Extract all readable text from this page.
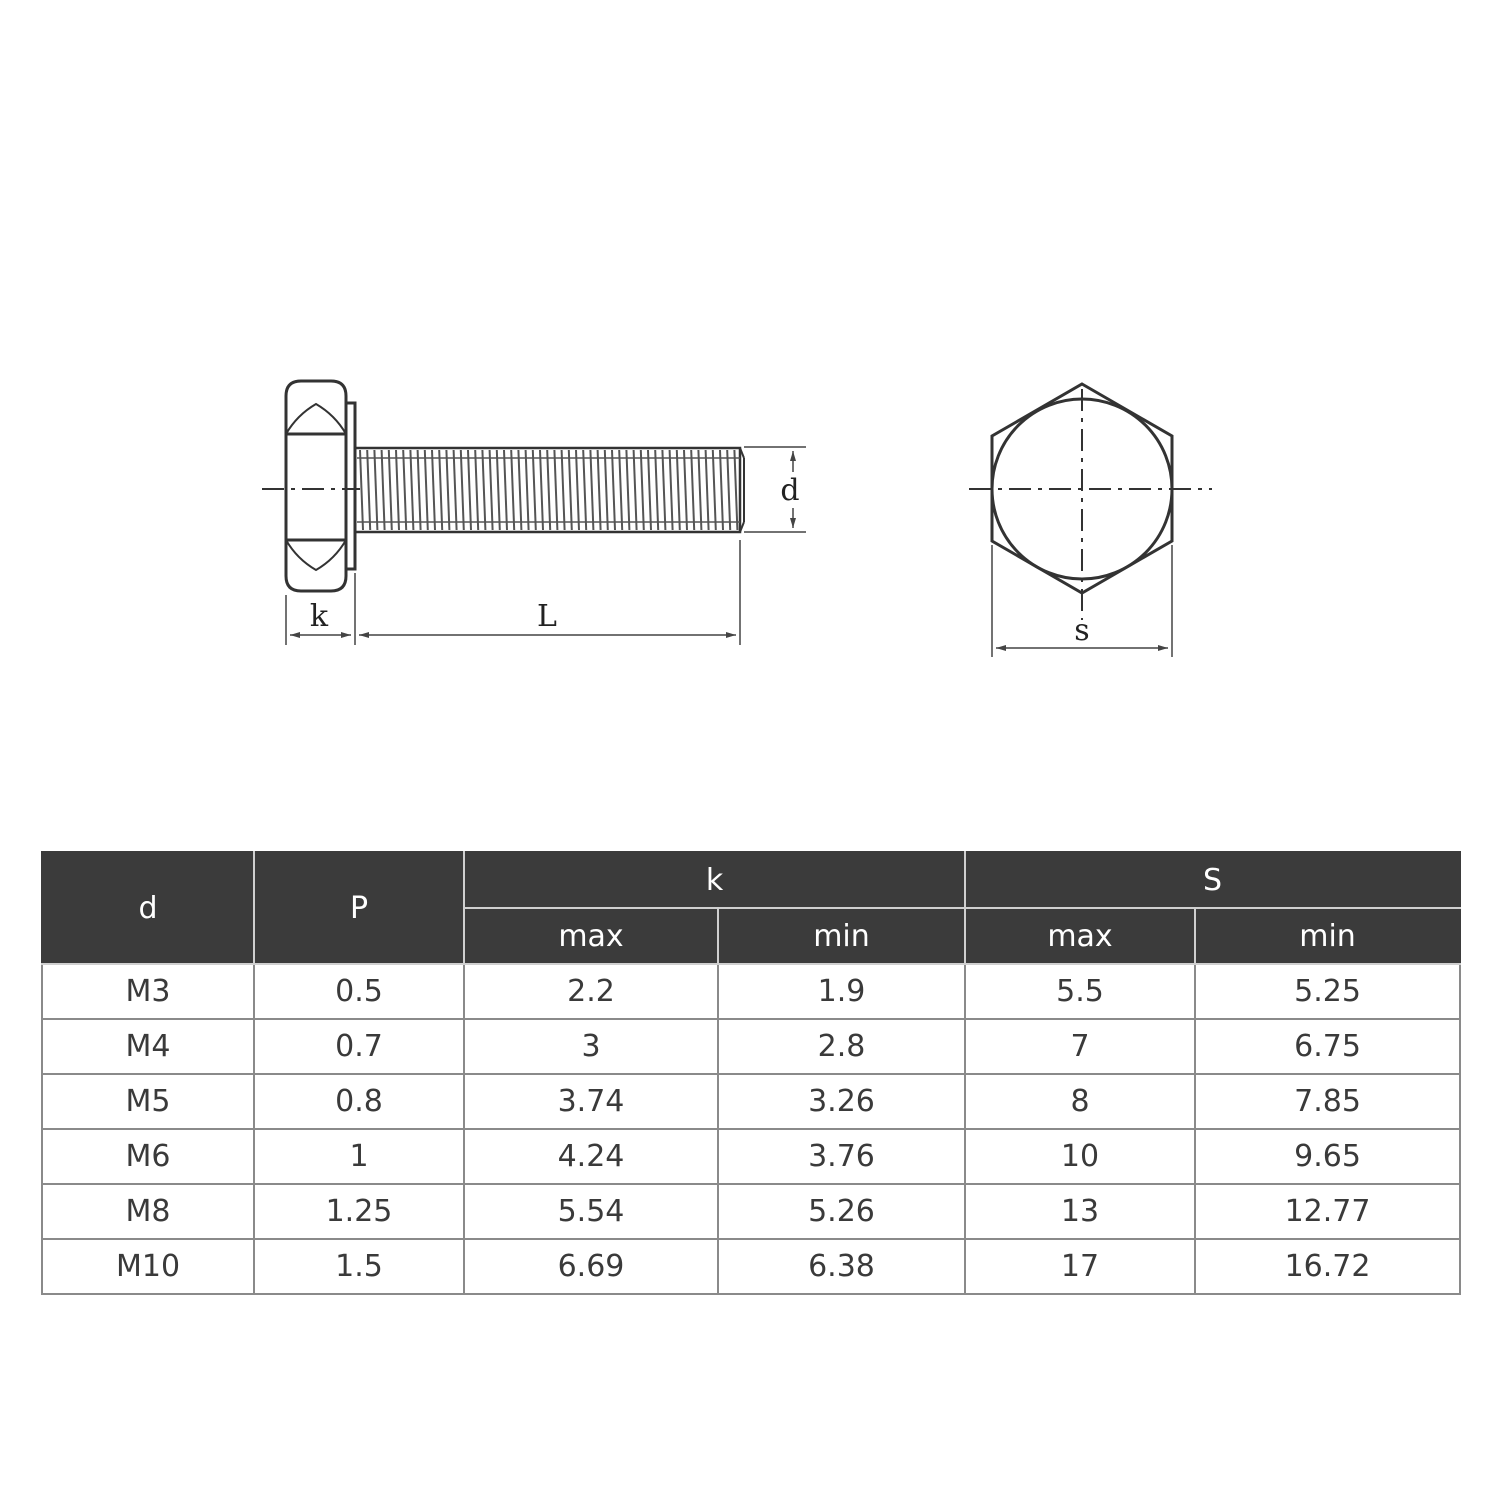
k	L
d
s
d	P	k		S	
		max	min	max	min
M3	0.5	2.2	1.9	5.5	5.25
M4	0.7	3	2.8	7	6.75
M5	0.8	3.74	3.26	8	7.85
M6	1	4.24	3.76	10	9.65
M8	1.25	5.54	5.26	13	12.77
M10	1.5	6.69	6.38	17	16.72
